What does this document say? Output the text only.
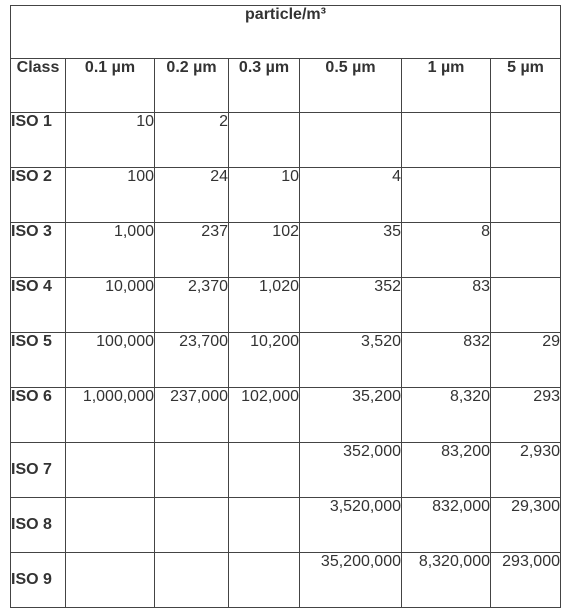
particle/m³						
Class	0.1 µm	0.2 µm	0.3 µm	0.5 µm	1 µm	5 µm
ISO 1	10	2				
ISO 2	100	24	10	4		
ISO 3	1,000	237	102	35	8	
ISO 4	10,000	2,370	1,020	352	83	
ISO 5	100,000	23,700	10,200	3,520	832	29
ISO 6	1,000,000	237,000	102,000	35,200	8,320	293
ISO 7				352,000	83,200	2,930
ISO 8				3,520,000	832,000	29,300
ISO 9				35,200,000	8,320,000	293,000
